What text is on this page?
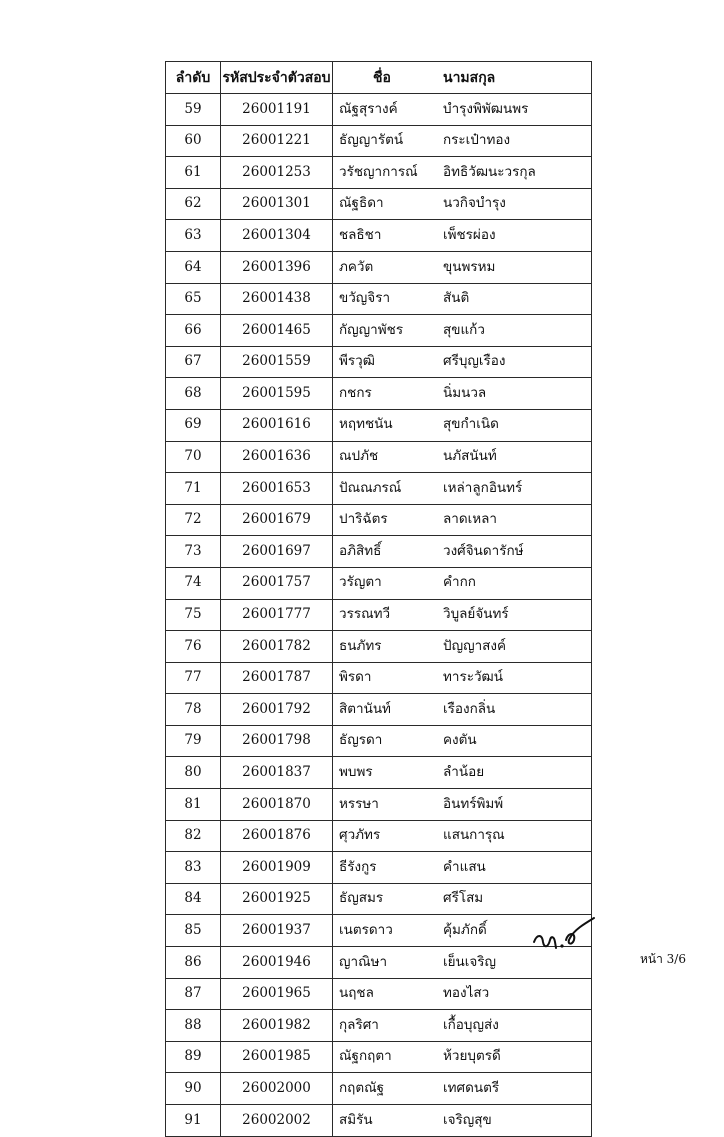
ลำดับ	รหัสประจำตัวสอบ	ชื่อ นามสกุล
59	26001191	ณัฐสุรางค์ บำรุงพิพัฒนพร
60	26001221	ธัญญารัตน์ กระเป๋าทอง
61	26001253	วรัชญาการณ์ อิทธิวัฒนะวรกุล
62	26001301	ณัฐธิดา นวกิจบำรุง
63	26001304	ชลธิชา เพ็ชรผ่อง
64	26001396	ภควัต ขุนพรหม
65	26001438	ขวัญจิรา สันติ
66	26001465	กัญญาพัชร สุขแก้ว
67	26001559	พีรวุฒิ ศรีบุญเรือง
68	26001595	กชกร นิ่มนวล
69	26001616	หฤทชนัน สุขกำเนิด
70	26001636	ณปภัช นภัสนันท์
71	26001653	ปัณณภรณ์ เหล่าลูกอินทร์
72	26001679	ปาริฉัตร ลาดเหลา
73	26001697	อภิสิทธิ์ วงศ์จินดารักษ์
74	26001757	วรัญตา คำกก
75	26001777	วรรณทวี วิบูลย์จันทร์
76	26001782	ธนภัทร ปัญญาสงค์
77	26001787	พิรดา ทาระวัฒน์
78	26001792	สิตานันท์ เรืองกลิ่น
79	26001798	ธัญรดา คงตัน
80	26001837	พบพร ลำน้อย
81	26001870	หรรษา อินทร์พิมพ์
82	26001876	ศุวภัทร แสนการุณ
83	26001909	ธีรังกูร คำแสน
84	26001925	ธัญสมร ศรีโสม
85	26001937	เนตรดาว คุ้มภักดิ์
86	26001946	ญาณิษา เย็นเจริญ
87	26001965	นฤชล ทองไสว
88	26001982	กุลริศา เกื้อบุญส่ง
89	26001985	ณัฐกฤตา ห้วยบุตรดี
90	26002000	กฤตณัฐ เทศดนตรี
91	26002002	สมิรัน เจริญสุข
หน้า 3/6
